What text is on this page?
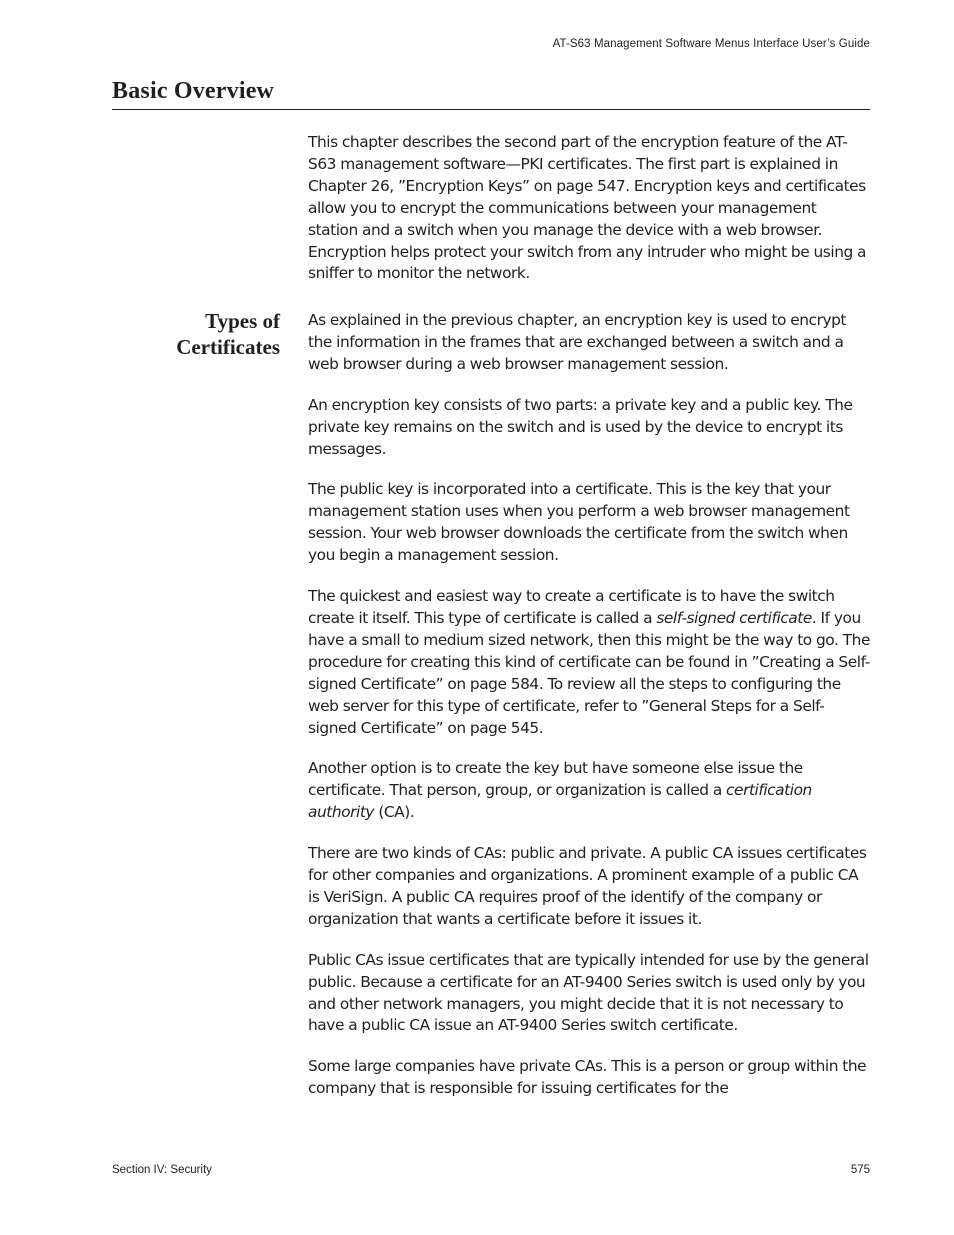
AT-S63 Management Software Menus Interface User’s Guide
Basic Overview

This chapter describes the second part of the encryption feature of the AT-S63 management software—PKI certificates. The first part is explained in Chapter 26, ”Encryption Keys” on page 547. Encryption keys and certificates allow you to encrypt the communications between your management station and a switch when you manage the device with a web browser. Encryption helps protect your switch from any intruder who might be using a sniffer to monitor the network.

Types of
Certificates

As explained in the previous chapter, an encryption key is used to encrypt the information in the frames that are exchanged between a switch and a web browser during a web browser management session.

An encryption key consists of two parts: a private key and a public key. The private key remains on the switch and is used by the device to encrypt its messages.

The public key is incorporated into a certificate. This is the key that your management station uses when you perform a web browser management session. Your web browser downloads the certificate from the switch when you begin a management session.

The quickest and easiest way to create a certificate is to have the switch create it itself. This type of certificate is called a self-signed certificate. If you have a small to medium sized network, then this might be the way to go. The procedure for creating this kind of certificate can be found in ”Creating a Self-signed Certificate” on page 584. To review all the steps to configuring the web server for this type of certificate, refer to ”General Steps for a Self-signed Certificate” on page 545.

Another option is to create the key but have someone else issue the certificate. That person, group, or organization is called a certification authority (CA).

There are two kinds of CAs: public and private. A public CA issues certificates for other companies and organizations. A prominent example of a public CA is VeriSign. A public CA requires proof of the identify of the company or organization that wants a certificate before it issues it.

Public CAs issue certificates that are typically intended for use by the general public. Because a certificate for an AT-9400 Series switch is used only by you and other network managers, you might decide that it is not necessary to have a public CA issue an AT-9400 Series switch certificate.

Some large companies have private CAs. This is a person or group within the company that is responsible for issuing certificates for the

Section IV: Security	575
